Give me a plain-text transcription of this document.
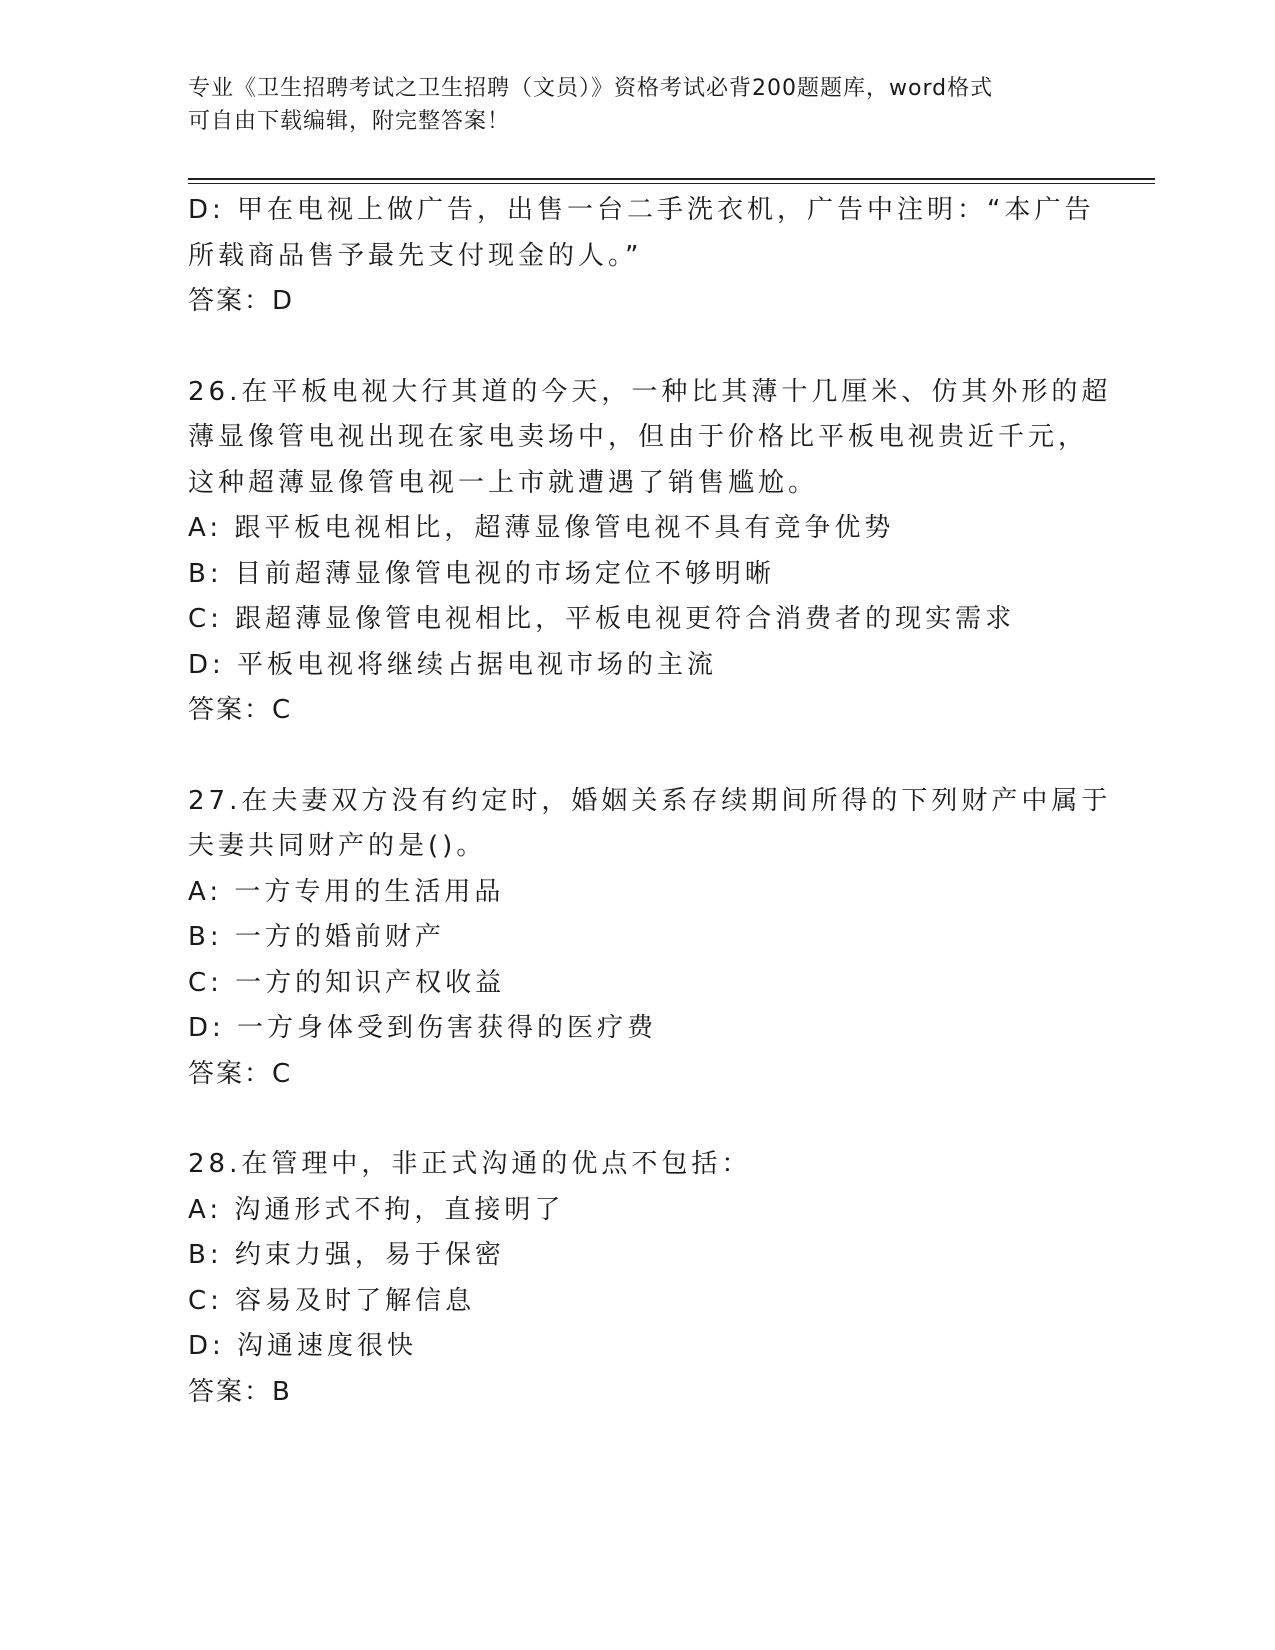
专业《卫生招聘考试之卫生招聘（文员）》资格考试必背200题题库，word格式
可自由下载编辑，附完整答案！
D: 甲在电视上做广告，出售一台二手洗衣机，广告中注明：“本广告
所载商品售予最先支付现金的人。”
答案：D
26.在平板电视大行其道的今天，一种比其薄十几厘米、仿其外形的超
薄显像管电视出现在家电卖场中，但由于价格比平板电视贵近千元，
这种超薄显像管电视一上市就遭遇了销售尴尬。
A: 跟平板电视相比，超薄显像管电视不具有竞争优势
B: 目前超薄显像管电视的市场定位不够明晰
C: 跟超薄显像管电视相比，平板电视更符合消费者的现实需求
D: 平板电视将继续占据电视市场的主流
答案：C
27.在夫妻双方没有约定时，婚姻关系存续期间所得的下列财产中属于
夫妻共同财产的是()。
A: 一方专用的生活用品
B: 一方的婚前财产
C: 一方的知识产权收益
D: 一方身体受到伤害获得的医疗费
答案：C
28.在管理中，非正式沟通的优点不包括：
A: 沟通形式不拘，直接明了
B: 约束力强，易于保密
C: 容易及时了解信息
D: 沟通速度很快
答案：B
